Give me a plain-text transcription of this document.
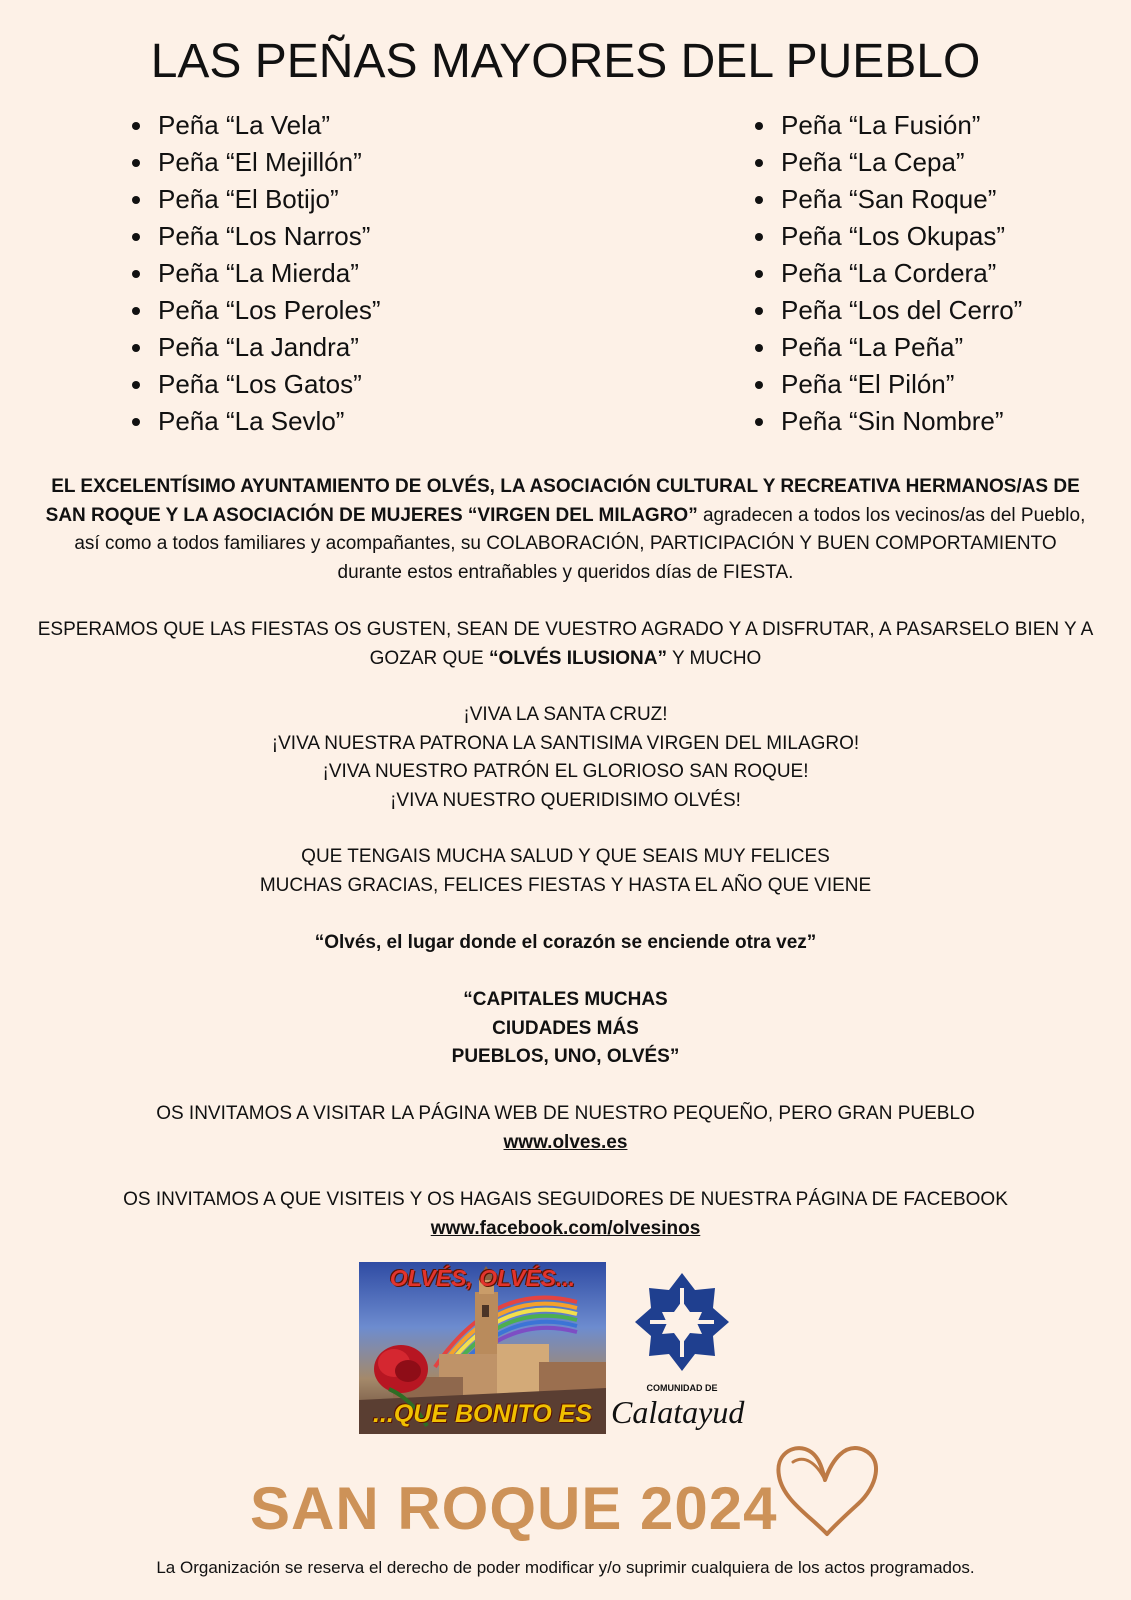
LAS PEÑAS MAYORES DEL PUEBLO
Peña “La Vela”
Peña “El Mejillón”
Peña “El Botijo”
Peña “Los Narros”
Peña “La Mierda”
Peña “Los Peroles”
Peña “La Jandra”
Peña “Los Gatos”
Peña “La Sevlo”
Peña “La Fusión”
Peña “La Cepa”
Peña “San Roque”
Peña “Los Okupas”
Peña “La Cordera”
Peña “Los del Cerro”
Peña “La Peña”
Peña “El Pilón”
Peña “Sin Nombre”

EL EXCELENTÍSIMO AYUNTAMIENTO DE OLVÉS, LA ASOCIACIÓN CULTURAL Y RECREATIVA HERMANOS/AS DE SAN ROQUE Y LA ASOCIACIÓN DE MUJERES “VIRGEN DEL MILAGRO” agradecen a todos los vecinos/as del Pueblo, así como a todos familiares y acompañantes, su COLABORACIÓN, PARTICIPACIÓN Y BUEN COMPORTAMIENTO durante estos entrañables y queridos días de FIESTA.

ESPERAMOS QUE LAS FIESTAS OS GUSTEN, SEAN DE VUESTRO AGRADO Y A DISFRUTAR, A PASARSELO BIEN Y A
GOZAR QUE “OLVÉS ILUSIONA” Y MUCHO
¡VIVA LA SANTA CRUZ!
¡VIVA NUESTRA PATRONA LA SANTISIMA VIRGEN DEL MILAGRO!
¡VIVA NUESTRO PATRÓN EL GLORIOSO SAN ROQUE!
¡VIVA NUESTRO QUERIDISIMO OLVÉS!
QUE TENGAIS MUCHA SALUD Y QUE SEAIS MUY FELICES
MUCHAS GRACIAS, FELICES FIESTAS Y HASTA EL AÑO QUE VIENE
“Olvés, el lugar donde el corazón se enciende otra vez”
“CAPITALES MUCHAS
CIUDADES MÁS
PUEBLOS, UNO, OLVÉS”
OS INVITAMOS A VISITAR LA PÁGINA WEB DE NUESTRO PEQUEÑO, PERO GRAN PUEBLO
www.olves.es
OS INVITAMOS A QUE VISITEIS Y OS HAGAIS SEGUIDORES DE NUESTRA PÁGINA DE FACEBOOK
www.facebook.com/olvesinos
OLVÉS, OLVÉS...
...QUE BONITO ES
COMUNIDAD DE
Calatayud
SAN ROQUE 2024
La Organización se reserva el derecho de poder modificar y/o suprimir cualquiera de los actos programados.
